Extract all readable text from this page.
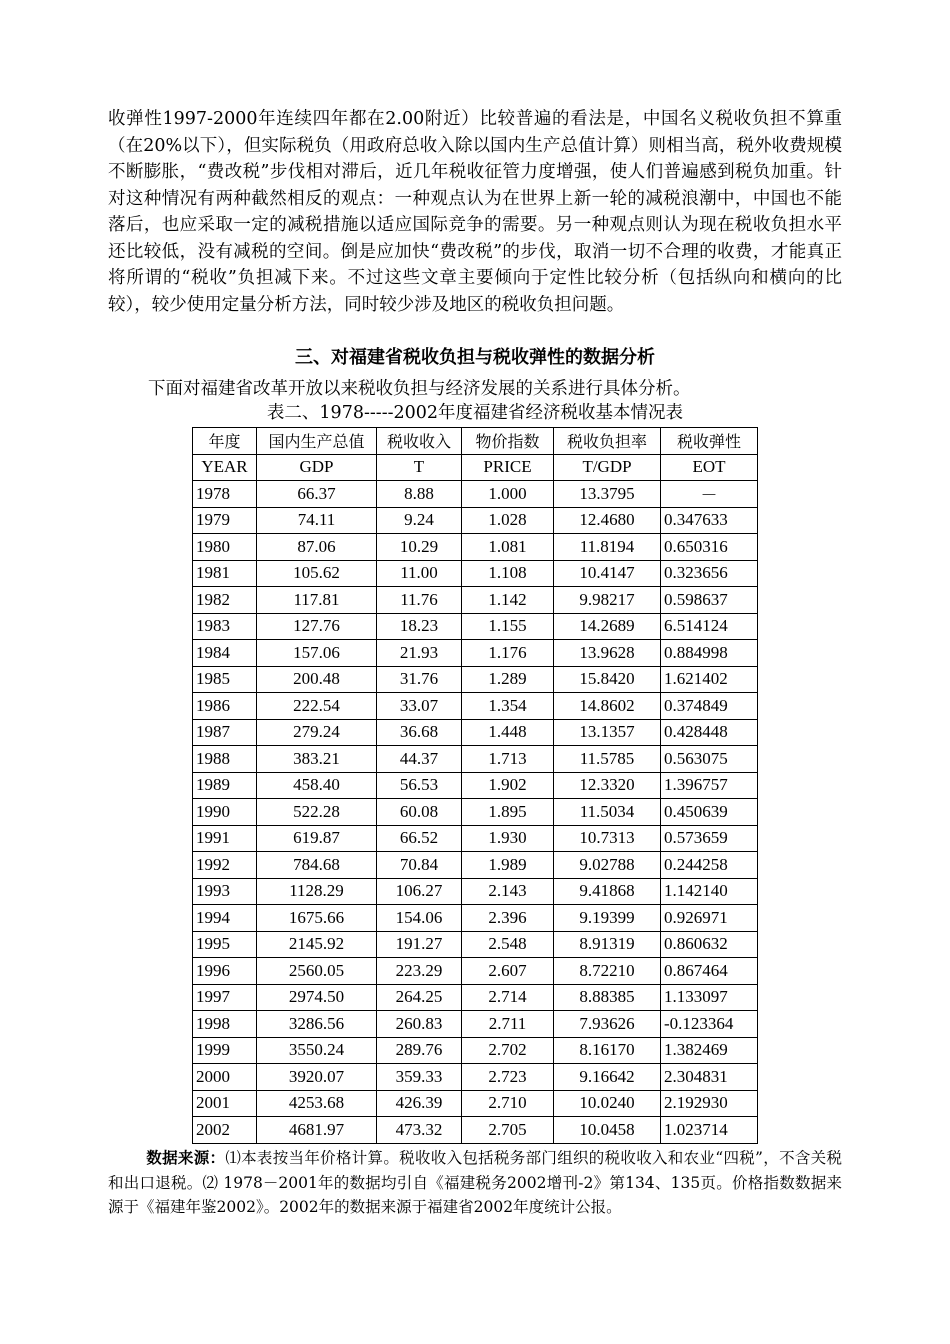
收弹性1997-2000年连续四年都在2.00附近）比较普遍的看法是，中国名义税收负担不算重（在20%以下），但实际税负（用政府总收入除以国内生产总值计算）则相当高，税外收费规模不断膨胀，“费改税”步伐相对滞后，近几年税收征管力度增强，使人们普遍感到税负加重。针对这种情况有两种截然相反的观点：一种观点认为在世界上新一轮的减税浪潮中，中国也不能落后，也应采取一定的减税措施以适应国际竞争的需要。另一种观点则认为现在税收负担水平还比较低，没有减税的空间。倒是应加快“费改税”的步伐，取消一切不合理的收费，才能真正将所谓的“税收”负担减下来。不过这些文章主要倾向于定性比较分析（包括纵向和横向的比较），较少使用定量分析方法，同时较少涉及地区的税收负担问题。

三、对福建省税收负担与税收弹性的数据分析

下面对福建省改革开放以来税收负担与经济发展的关系进行具体分析。

表二、1978-----2002年度福建省经济税收基本情况表

年度	国内生产总值	税收收入	物价指数	税收负担率	税收弹性
YEAR	GDP	T	PRICE	T/GDP	EOT
1978	66.37	8.88	1.000	13.3795	－
1979	74.11	9.24	1.028	12.4680	0.347633
1980	87.06	10.29	1.081	11.8194	0.650316
1981	105.62	11.00	1.108	10.4147	0.323656
1982	117.81	11.76	1.142	9.98217	0.598637
1983	127.76	18.23	1.155	14.2689	6.514124
1984	157.06	21.93	1.176	13.9628	0.884998
1985	200.48	31.76	1.289	15.8420	1.621402
1986	222.54	33.07	1.354	14.8602	0.374849
1987	279.24	36.68	1.448	13.1357	0.428448
1988	383.21	44.37	1.713	11.5785	0.563075
1989	458.40	56.53	1.902	12.3320	1.396757
1990	522.28	60.08	1.895	11.5034	0.450639
1991	619.87	66.52	1.930	10.7313	0.573659
1992	784.68	70.84	1.989	9.02788	0.244258
1993	1128.29	106.27	2.143	9.41868	1.142140
1994	1675.66	154.06	2.396	9.19399	0.926971
1995	2145.92	191.27	2.548	8.91319	0.860632
1996	2560.05	223.29	2.607	8.72210	0.867464
1997	2974.50	264.25	2.714	8.88385	1.133097
1998	3286.56	260.83	2.711	7.93626	-0.123364
1999	3550.24	289.76	2.702	8.16170	1.382469
2000	3920.07	359.33	2.723	9.16642	2.304831
2001	4253.68	426.39	2.710	10.0240	2.192930
2002	4681.97	473.32	2.705	10.0458	1.023714

数据来源：⑴本表按当年价格计算。税收收入包括税务部门组织的税收收入和农业“四税”，不含关税和出口退税。⑵ 1978－2001年的数据均引自《福建税务2002增刊-2》第134、135页。价格指数数据来源于《福建年鉴2002》。2002年的数据来源于福建省2002年度统计公报。
